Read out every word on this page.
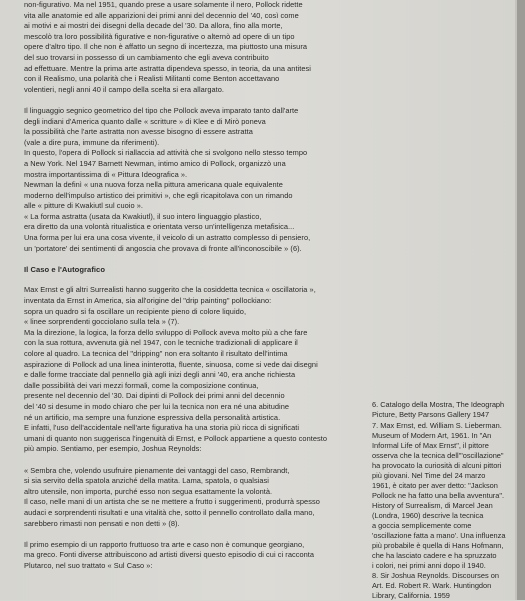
non-figurativo. Ma nel 1951, quando prese a usare solamente il nero, Pollock ridette

vita alle anatomie ed alle apparizioni dei primi anni del decennio del '40, così come

ai motivi e ai mostri dei disegni della decade del '30. Da allora, fino alla morte,

mescolò tra loro possibilità figurative e non-figurative o alternò ad opere di un tipo

opere d'altro tipo. Il che non è affatto un segno di incertezza, ma piuttosto una misura

del suo trovarsi in possesso di un cambiamento che egli aveva contribuito

ad effettuare. Mentre la prima arte astratta dipendeva spesso, in teoria, da una antitesi

con il Realismo, una polarità che i Realisti Militanti come Benton accettavano

volentieri, negli anni 40 il campo della scelta si era allargato.

Il linguaggio segnico geometrico del tipo che Pollock aveva imparato tanto dall'arte

degli indiani d'America quanto dalle « scritture » di Klee e di Mirò poneva

la possibilità che l'arte astratta non avesse bisogno di essere astratta

(vale a dire pura, immune da riferimenti).

In questo, l'opera di Pollock si riallaccia ad attività che si svolgono nello stesso tempo

a New York. Nel 1947 Barnett Newman, intimo amico di Pollock, organizzò una

mostra importantissima di « Pittura Ideografica ».

Newman la definì « una nuova forza nella pittura americana quale equivalente

moderno dell'impulso artistico dei primitivi », che egli ricapitolava con un rimando

alle « pitture di Kwakiutl sul cuoio ».

« La forma astratta (usata da Kwakiutl), il suo intero linguaggio plastico,

era diretto da una volontà ritualistica e orientata verso un'intelligenza metafisica...

Una forma per lui era una cosa vivente, il veicolo di un astratto complesso di pensiero,

un 'portatore' dei sentimenti di angoscia che provava di fronte all'inconoscibile » (6).

Il Caso e l'Autografico

Max Ernst e gli altri Surrealisti hanno suggerito che la cosiddetta tecnica « oscillatoria »,

inventata da Ernst in America, sia all'origine del "drip painting" pollockiano:

sopra un quadro si fa oscillare un recipiente pieno di colore liquido,

« linee sorprendenti gocciolano sulla tela » (7).

Ma la direzione, la logica, la forza dello sviluppo di Pollock aveva molto più a che fare

con la sua rottura, avvenuta già nel 1947, con le tecniche tradizionali di applicare il

colore al quadro. La tecnica del "dripping" non era soltanto il risultato dell'intima

aspirazione di Pollock ad una linea ininterotta, fluente, sinuosa, come si vede dai disegni

e dalle forme tracciate dal pennello già agli inizi degli anni '40, era anche richiesta

dalle possibilità dei vari mezzi formali, come la composizione continua,

presente nel decennio del '30. Dai dipinti di Pollock dei primi anni del decennio

del '40 si desume in modo chiaro che per lui la tecnica non era né una abitudine

né un artificio, ma sempre una funzione espressiva della personalità artistica.

E infatti, l'uso dell'accidentale nell'arte figurativa ha una storia più ricca di significati

umani di quanto non suggerisca l'ingenuità di Ernst, e Pollock appartiene a questo contesto

più ampio. Sentiamo, per esempio, Joshua Reynolds:

« Sembra che, volendo usufruire pienamente dei vantaggi del caso, Rembrandt,

si sia servito della spatola anziché della matita. Lama, spatola, o qualsiasi

altro utensile, non importa, purché esso non segua esattamente la volontà.

Il caso, nelle mani di un artista che se ne mettere a frutto i suggerimenti, produrrà spesso

audaci e sorprendenti risultati e una vitalità che, sotto il pennello controllato dalla mano,

sarebbero rimasti non pensati e non detti » (8).

Il primo esempio di un rapporto fruttuoso tra arte e caso non è comunque georgiano,

ma greco. Fonti diverse attribuiscono ad artisti diversi questo episodio di cui ci racconta

Plutarco, nel suo trattato « Sul Caso »:

6. Catalogo della Mostra, The Ideograph

Picture, Betty Parsons Gallery 1947

7. Max Ernst, ed. William S. Lieberman.

Museum of Modern Art, 1961. In "An

Informal Life of Max Ernst", il pittore

osserva che la tecnica dell'"oscillazione"

ha provocato la curiosità di alcuni pittori

più giovani. Nel Time del 24 marzo

1961, è citato per aver detto: "Jackson

Pollock ne ha fatto una bella avventura".

History of Surrealism, di Marcel Jean

(Londra, 1960) descrive la tecnica

a goccia semplicemente come

'oscillazione fatta a mano'. Una influenza

più probabile è quella di Hans Hofmann,

che ha lasciato cadere e ha spruzzato

i colori, nei primi anni dopo il 1940.

8. Sir Joshua Reynolds. Discourses on

Art. Ed. Robert R. Wark. Huntingdon

Library, California. 1959
